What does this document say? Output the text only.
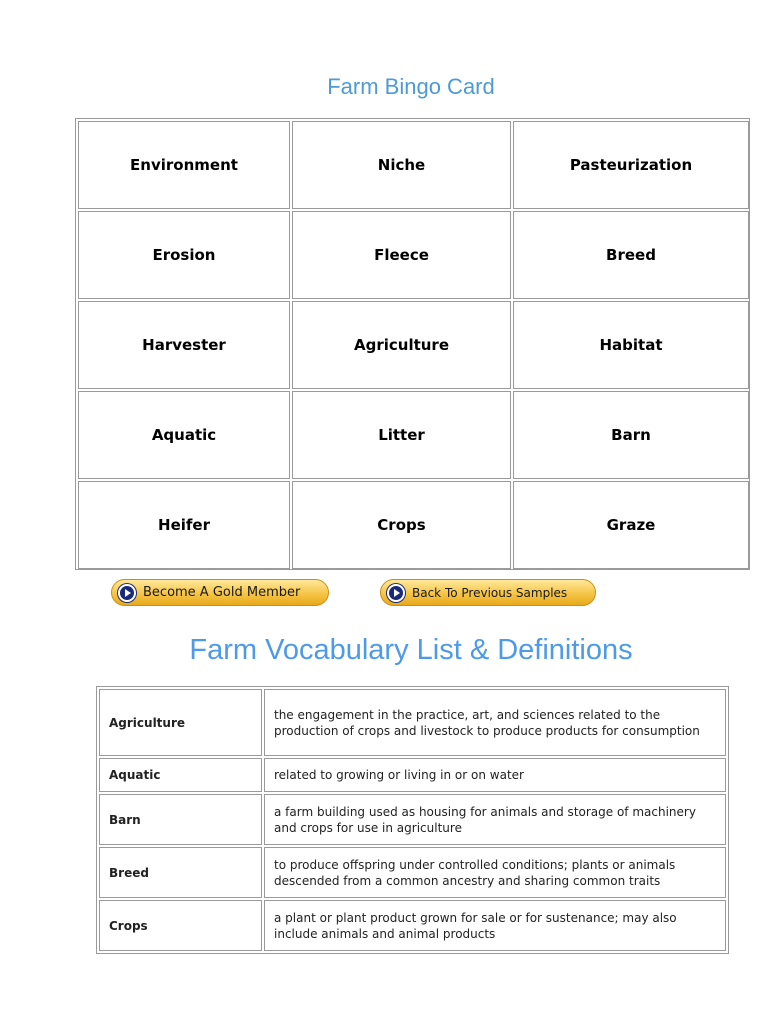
Farm Bingo Card
Environment	Niche	Pasteurization
Erosion	Fleece	Breed
Harvester	Agriculture	Habitat
Aquatic	Litter	Barn
Heifer	Crops	Graze
Become A Gold Member	Back To Previous Samples
Farm Vocabulary List & Definitions
Agriculture	the engagement in the practice, art, and sciences related to the production of crops and livestock to produce products for consumption
Aquatic	related to growing or living in or on water
Barn	a farm building used as housing for animals and storage of machinery and crops for use in agriculture
Breed	to produce offspring under controlled conditions; plants or animals descended from a common ancestry and sharing common traits
Crops	a plant or plant product grown for sale or for sustenance; may also include animals and animal products
